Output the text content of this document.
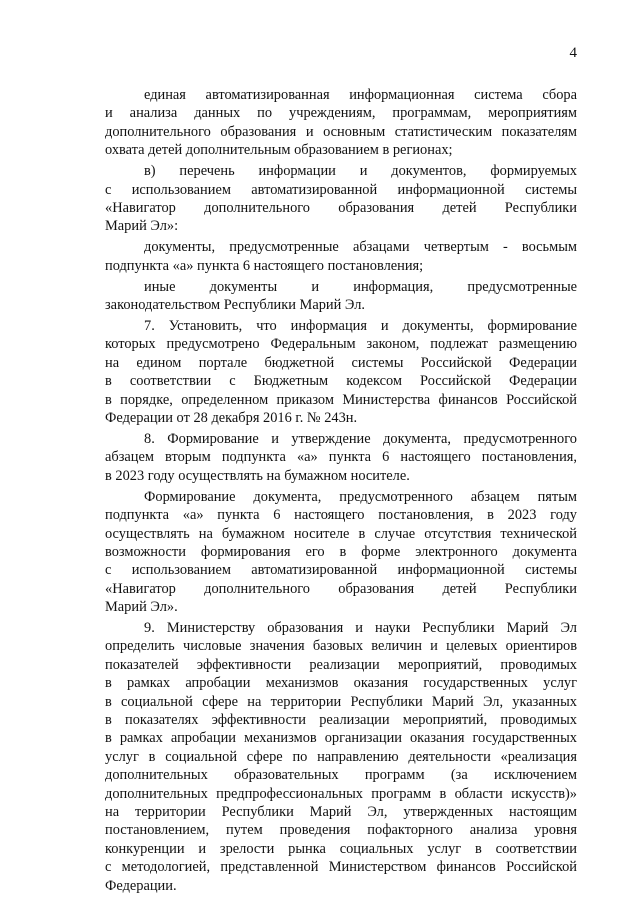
4
единая автоматизированная информационная система сбора
и анализа данных по учреждениям, программам, мероприятиям
дополнительного образования и основным статистическим показателям
охвата детей дополнительным образованием в регионах;
в) перечень информации и документов, формируемых
с использованием автоматизированной информационной системы
«Навигатор дополнительного образования детей Республики
Марий Эл»:
документы, предусмотренные абзацами четвертым - восьмым
подпункта «а» пункта 6 настоящего постановления;
иные документы и информация, предусмотренные
законодательством Республики Марий Эл.
7. Установить, что информация и документы, формирование
которых предусмотрено Федеральным законом, подлежат размещению
на едином портале бюджетной системы Российской Федерации
в соответствии с Бюджетным кодексом Российской Федерации
в порядке, определенном приказом Министерства финансов Российской
Федерации от 28 декабря 2016 г. № 243н.
8. Формирование и утверждение документа, предусмотренного
абзацем вторым подпункта «а» пункта 6 настоящего постановления,
в 2023 году осуществлять на бумажном носителе.
Формирование документа, предусмотренного абзацем пятым
подпункта «а» пункта 6 настоящего постановления, в 2023 году
осуществлять на бумажном носителе в случае отсутствия технической
возможности формирования его в форме электронного документа
с использованием автоматизированной информационной системы
«Навигатор дополнительного образования детей Республики
Марий Эл».
9. Министерству образования и науки Республики Марий Эл
определить числовые значения базовых величин и целевых ориентиров
показателей эффективности реализации мероприятий, проводимых
в рамках апробации механизмов оказания государственных услуг
в социальной сфере на территории Республики Марий Эл, указанных
в показателях эффективности реализации мероприятий, проводимых
в рамках апробации механизмов организации оказания государственных
услуг в социальной сфере по направлению деятельности «реализация
дополнительных образовательных программ (за исключением
дополнительных предпрофессиональных программ в области искусств)»
на территории Республики Марий Эл, утвержденных настоящим
постановлением, путем проведения пофакторного анализа уровня
конкуренции и зрелости рынка социальных услуг в соответствии
с методологией, представленной Министерством финансов Российской
Федерации.
